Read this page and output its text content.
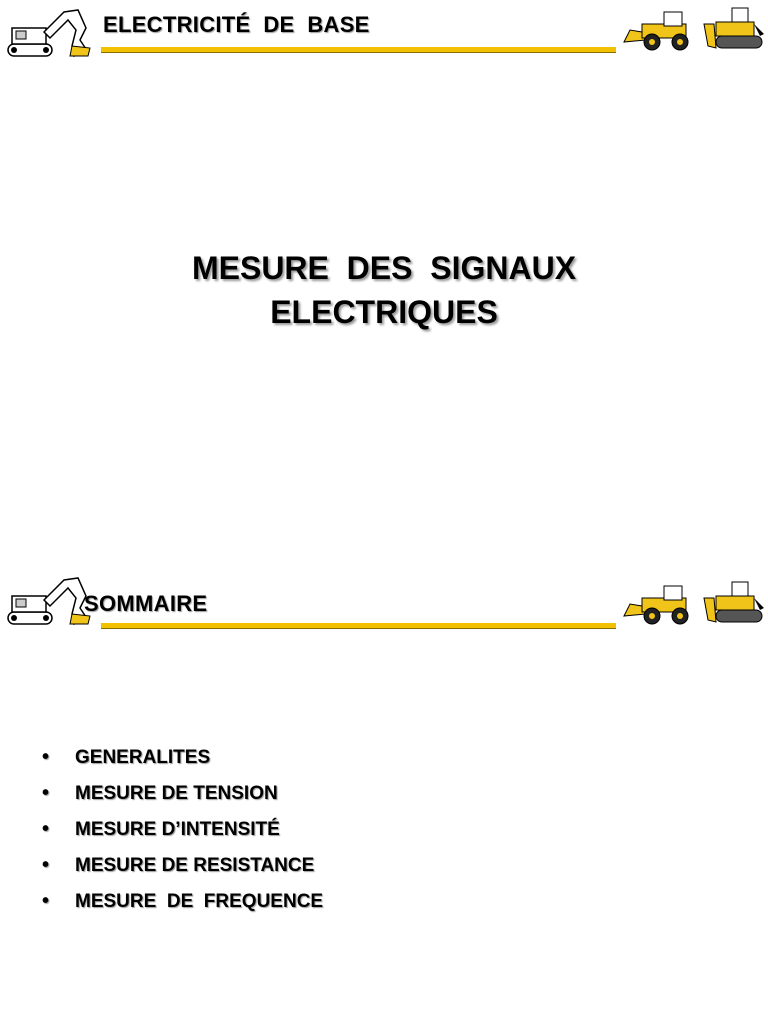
ELECTRICITÉ  DE  BASE
MESURE  DES  SIGNAUX
ELECTRIQUES
SOMMAIRE
• GENERALITES
• MESURE DE TENSION
• MESURE D’INTENSITÉ
• MESURE DE RESISTANCE
• MESURE  DE  FREQUENCE
